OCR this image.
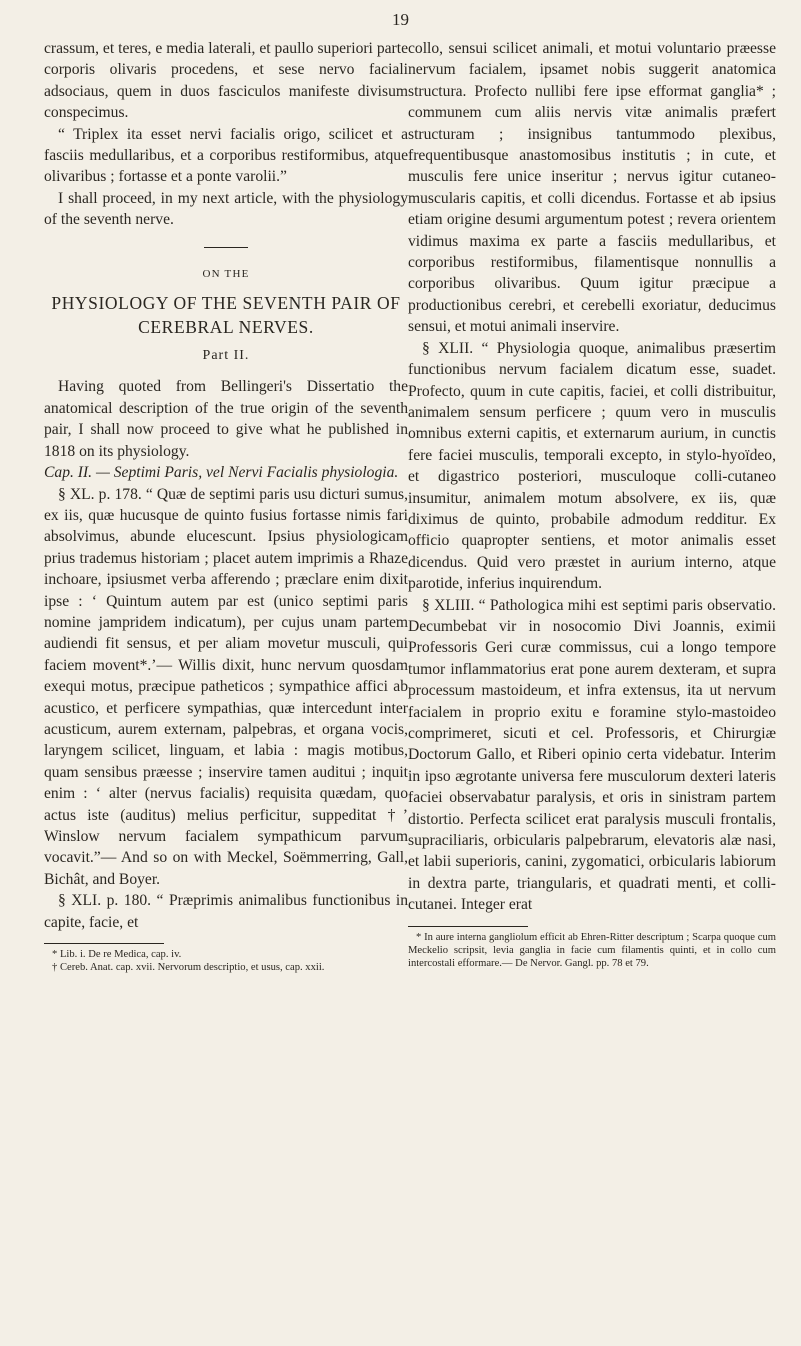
19

crassum, et teres, e media laterali, et paullo superiori parte corporis olivaris procedens, et sese nervo faciali adsociaus, quem in duos fasciculos manifeste divisum conspecimus.

“ Triplex ita esset nervi facialis origo, scilicet et a fasciis medullaribus, et a corporibus restiformibus, atque olivaribus ; fortasse et a ponte varolii.”

I shall proceed, in my next article, with the physiology of the seventh nerve.

ON THE
PHYSIOLOGY OF THE SEVENTH PAIR OF CEREBRAL NERVES.
Part II.

Having quoted from Bellingeri's Dissertatio the anatomical description of the true origin of the seventh pair, I shall now proceed to give what he published in 1818 on its physiology.

Cap. II. — Septimi Paris, vel Nervi Facialis physiologia.

§ XL. p. 178. “ Quæ de septimi paris usu dicturi sumus, ex iis, quæ hucusque de quinto fusius fortasse nimis fari absolvimus, abunde elucescunt. Ipsius physiologicam prius trademus historiam ; placet autem imprimis a Rhaze inchoare, ipsiusmet verba afferendo ; præclare enim dixit ipse : ‘ Quintum autem par est (unico septimi paris nomine jampridem indicatum), per cujus unam partem audiendi fit sensus, et per aliam movetur musculi, qui faciem movent*.’— Willis dixit, hunc nervum quosdam exequi motus, præcipue patheticos ; sympathice affici ab acustico, et perficere sympathias, quæ intercedunt inter acusticum, aurem externam, palpebras, et organa vocis, laryngem scilicet, linguam, et labia : magis motibus, quam sensibus præesse ; inservire tamen auditui ; inquit enim : ‘ alter (nervus facialis) requisita quædam, quo actus iste (auditus) melius perficitur, suppeditat †’ Winslow nervum facialem sympathicum parvum vocavit.”— And so on with Meckel, Soëmmerring, Gall, Bichât, and Boyer.

§ XLI. p. 180. “ Præprimis animalibus functionibus in capite, facie, et

* Lib. i. De re Medica, cap. iv.

† Cereb. Anat. cap. xvii. Nervorum descriptio, et usus, cap. xxii.

collo, sensui scilicet animali, et motui voluntario præesse nervum facialem, ipsamet nobis suggerit anatomica structura. Profecto nullibi fere ipse efformat ganglia* ; communem cum aliis nervis vitæ animalis præfert structuram ; insignibus tantummodo plexibus, frequentibusque anastomosibus institutis ; in cute, et musculis fere unice inseritur ; nervus igitur cutaneo-muscularis capitis, et colli dicendus. Fortasse et ab ipsius etiam origine desumi argumentum potest ; revera orientem vidimus maxima ex parte a fasciis medullaribus, et corporibus restiformibus, filamentisque nonnullis a corporibus olivaribus. Quum igitur præcipue a productionibus cerebri, et cerebelli exoriatur, deducimus sensui, et motui animali inservire.

§ XLII. “ Physiologia quoque, animalibus præsertim functionibus nervum facialem dicatum esse, suadet. Profecto, quum in cute capitis, faciei, et colli distribuitur, animalem sensum perficere ; quum vero in musculis omnibus externi capitis, et externarum aurium, in cunctis fere faciei musculis, temporali excepto, in stylo-hyoïdeo, et digastrico posteriori, musculoque colli-cutaneo insumitur, animalem motum absolvere, ex iis, quæ diximus de quinto, probabile admodum redditur. Ex officio quapropter sentiens, et motor animalis esset dicendus. Quid vero præstet in aurium interno, atque parotide, inferius inquirendum.

§ XLIII. “ Pathologica mihi est septimi paris observatio. Decumbebat vir in nosocomio Divi Joannis, eximii Professoris Geri curæ commissus, cui a longo tempore tumor inflammatorius erat pone aurem dexteram, et supra processum mastoideum, et infra extensus, ita ut nervum facialem in proprio exitu e foramine stylo-mastoideo comprimeret, sicuti et cel. Professoris, et Chirurgiæ Doctorum Gallo, et Riberi opinio certa videbatur. Interim in ipso ægrotante universa fere musculorum dexteri lateris faciei observabatur paralysis, et oris in sinistram partem distortio. Perfecta scilicet erat paralysis musculi frontalis, supraciliaris, orbicularis palpebrarum, elevatoris alæ nasi, et labii superioris, canini, zygomatici, orbicularis labiorum in dextra parte, triangularis, et quadrati menti, et colli-cutanei. Integer erat

* In aure interna gangliolum efficit ab Ehren-Ritter descriptum ; Scarpa quoque cum Meckelio scripsit, levia ganglia in facie cum filamentis quinti, et in collo cum intercostali efformare.— De Nervor. Gangl. pp. 78 et 79.
